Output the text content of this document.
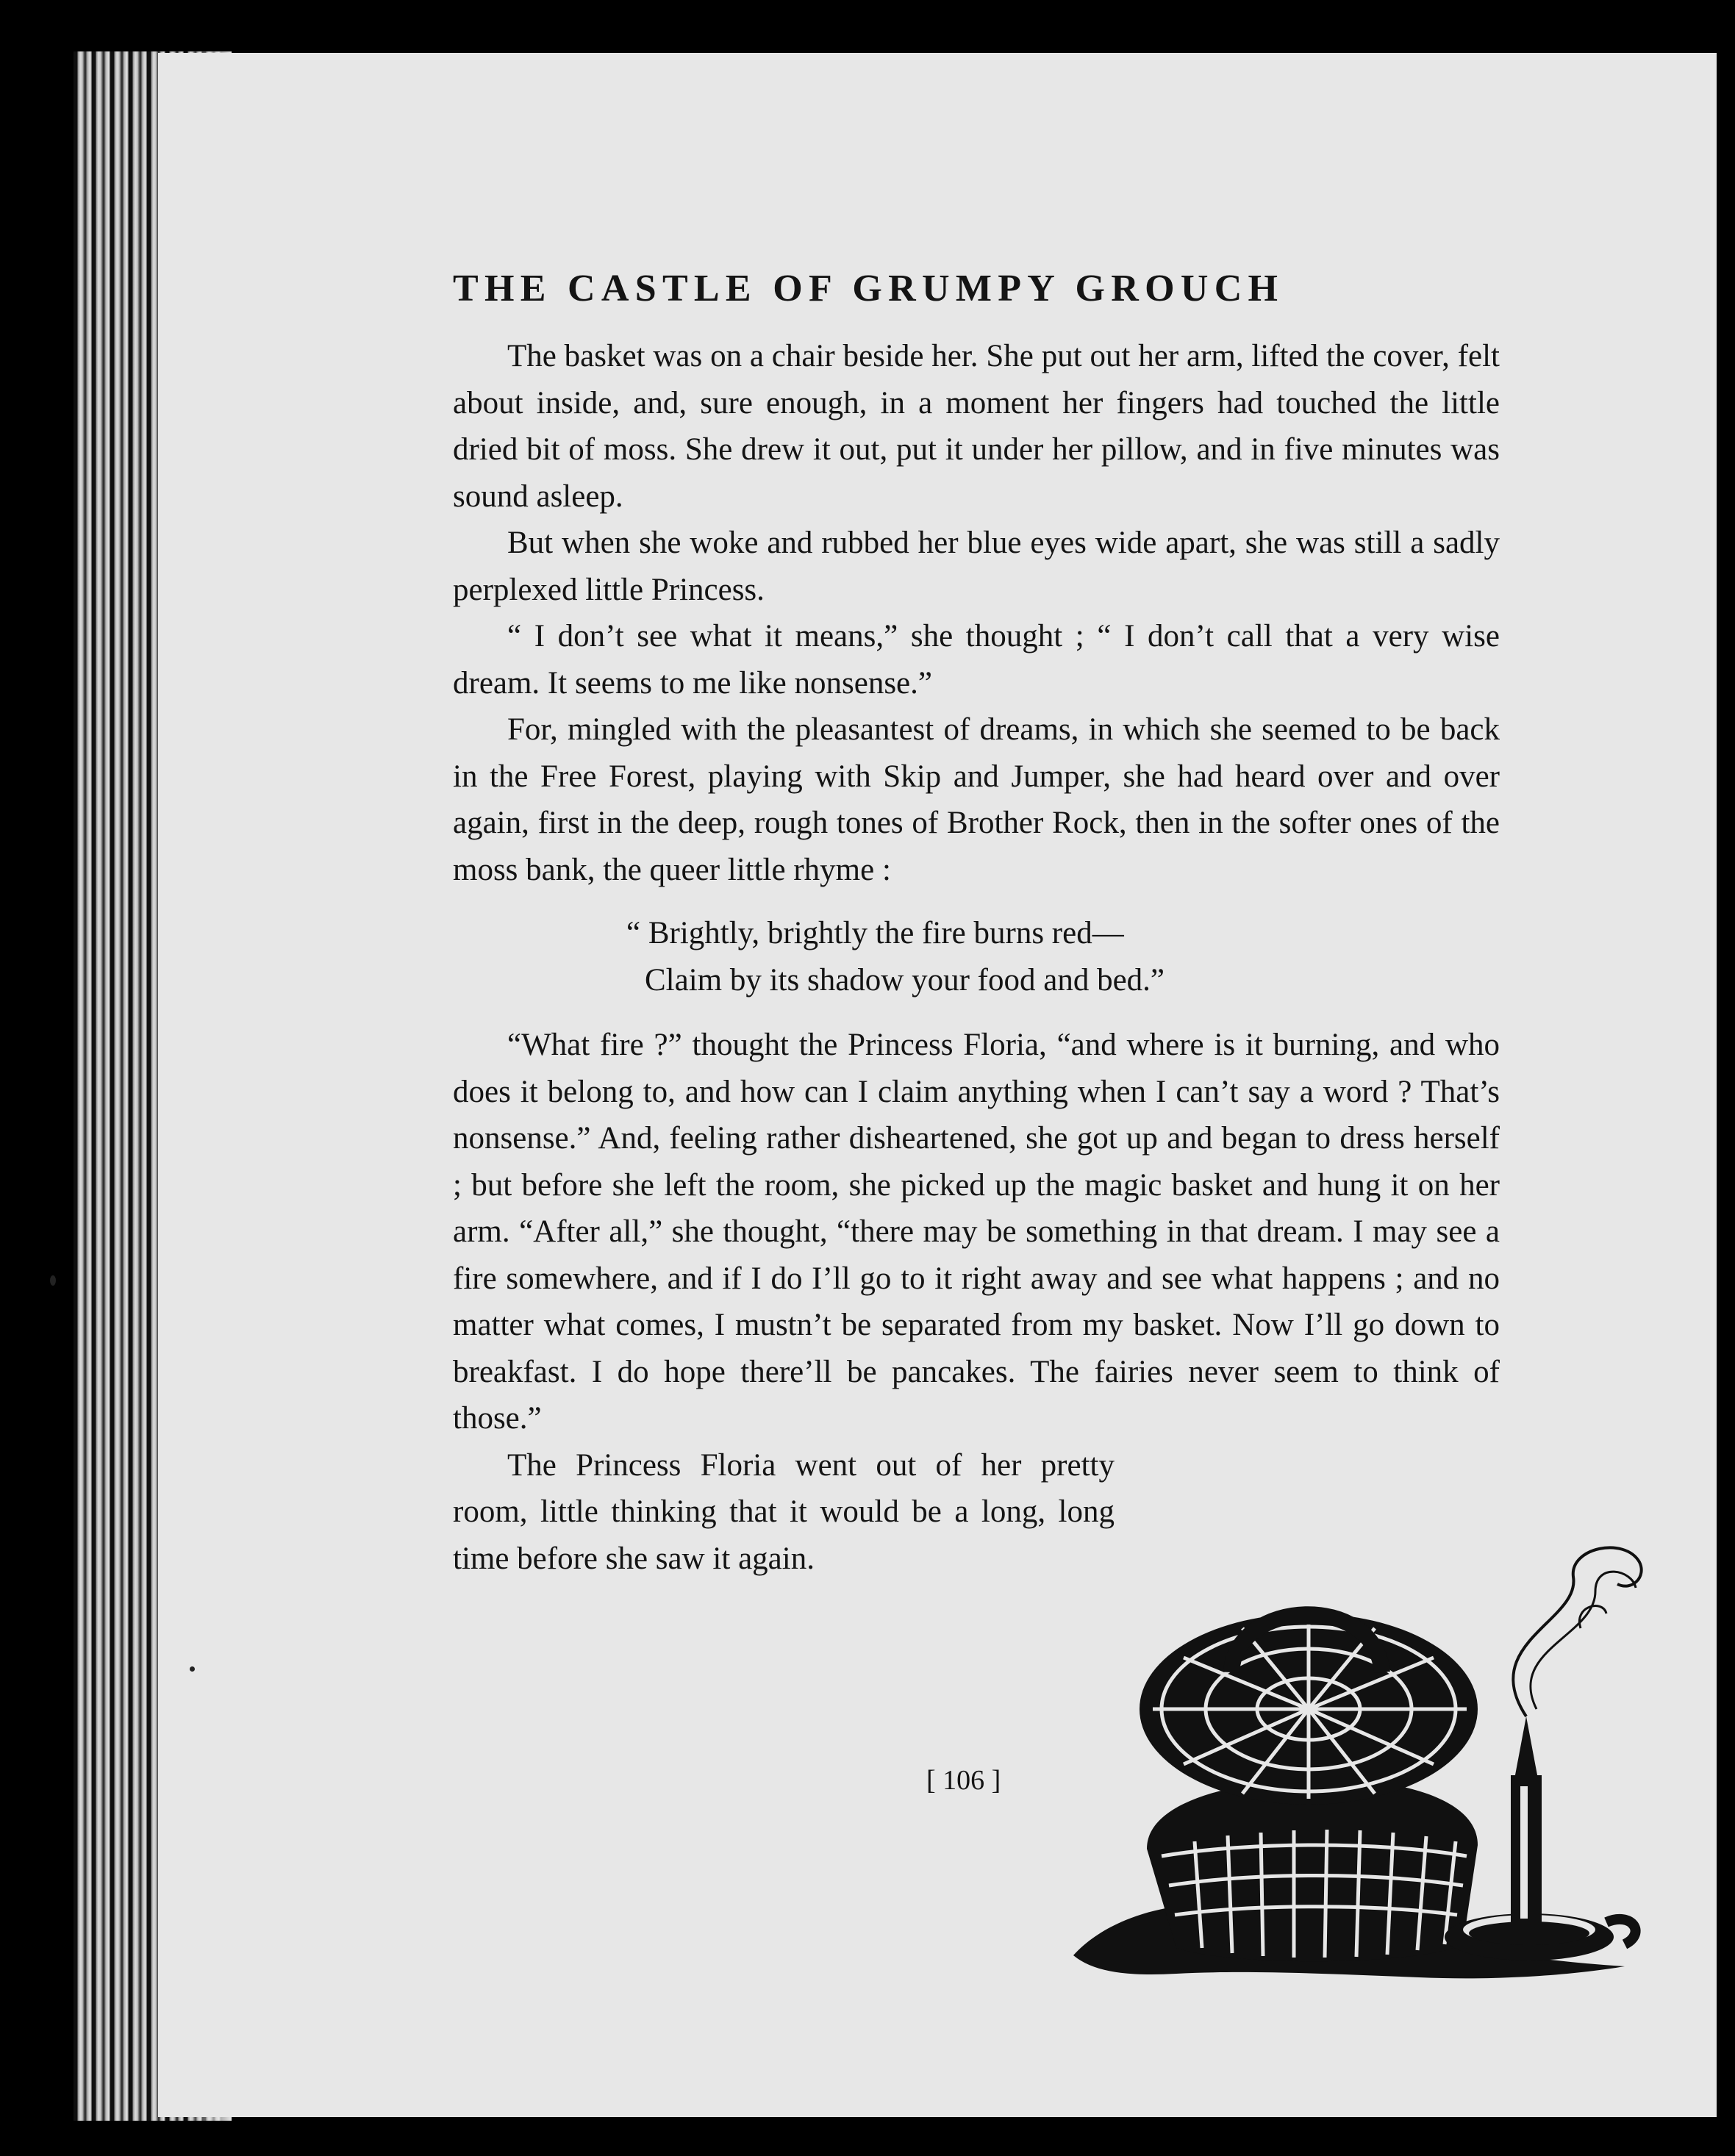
THE CASTLE OF GRUMPY GROUCH

The basket was on a chair beside her. She put out her arm, lifted the cover, felt about inside, and, sure enough, in a moment her fingers had touched the little dried bit of moss. She drew it out, put it under her pillow, and in five minutes was sound asleep.

But when she woke and rubbed her blue eyes wide apart, she was still a sadly perplexed little Princess.

“ I don’t see what it means,” she thought ; “ I don’t call that a very wise dream. It seems to me like nonsense.”

For, mingled with the pleasantest of dreams, in which she seemed to be back in the Free Forest, playing with Skip and Jumper, she had heard over and over again, first in the deep, rough tones of Brother Rock, then in the softer ones of the moss bank, the queer little rhyme :

“ Brightly, brightly the fire burns red—
Claim by its shadow your food and bed.”

“What fire ?” thought the Princess Floria, “and where is it burning, and who does it belong to, and how can I claim anything when I can’t say a word ? That’s nonsense.” And, feeling rather disheartened, she got up and began to dress herself ; but before she left the room, she picked up the magic basket and hung it on her arm. “After all,” she thought, “there may be something in that dream. I may see a fire somewhere, and if I do I’ll go to it right away and see what happens ; and no matter what comes, I mustn’t be separated from my basket. Now I’ll go down to breakfast. I do hope there’ll be pancakes. The fairies never seem to think of those.”

The Princess Floria went out of her pretty room, little thinking that it would be a long, long time before she saw it again.

[ 106 ]
